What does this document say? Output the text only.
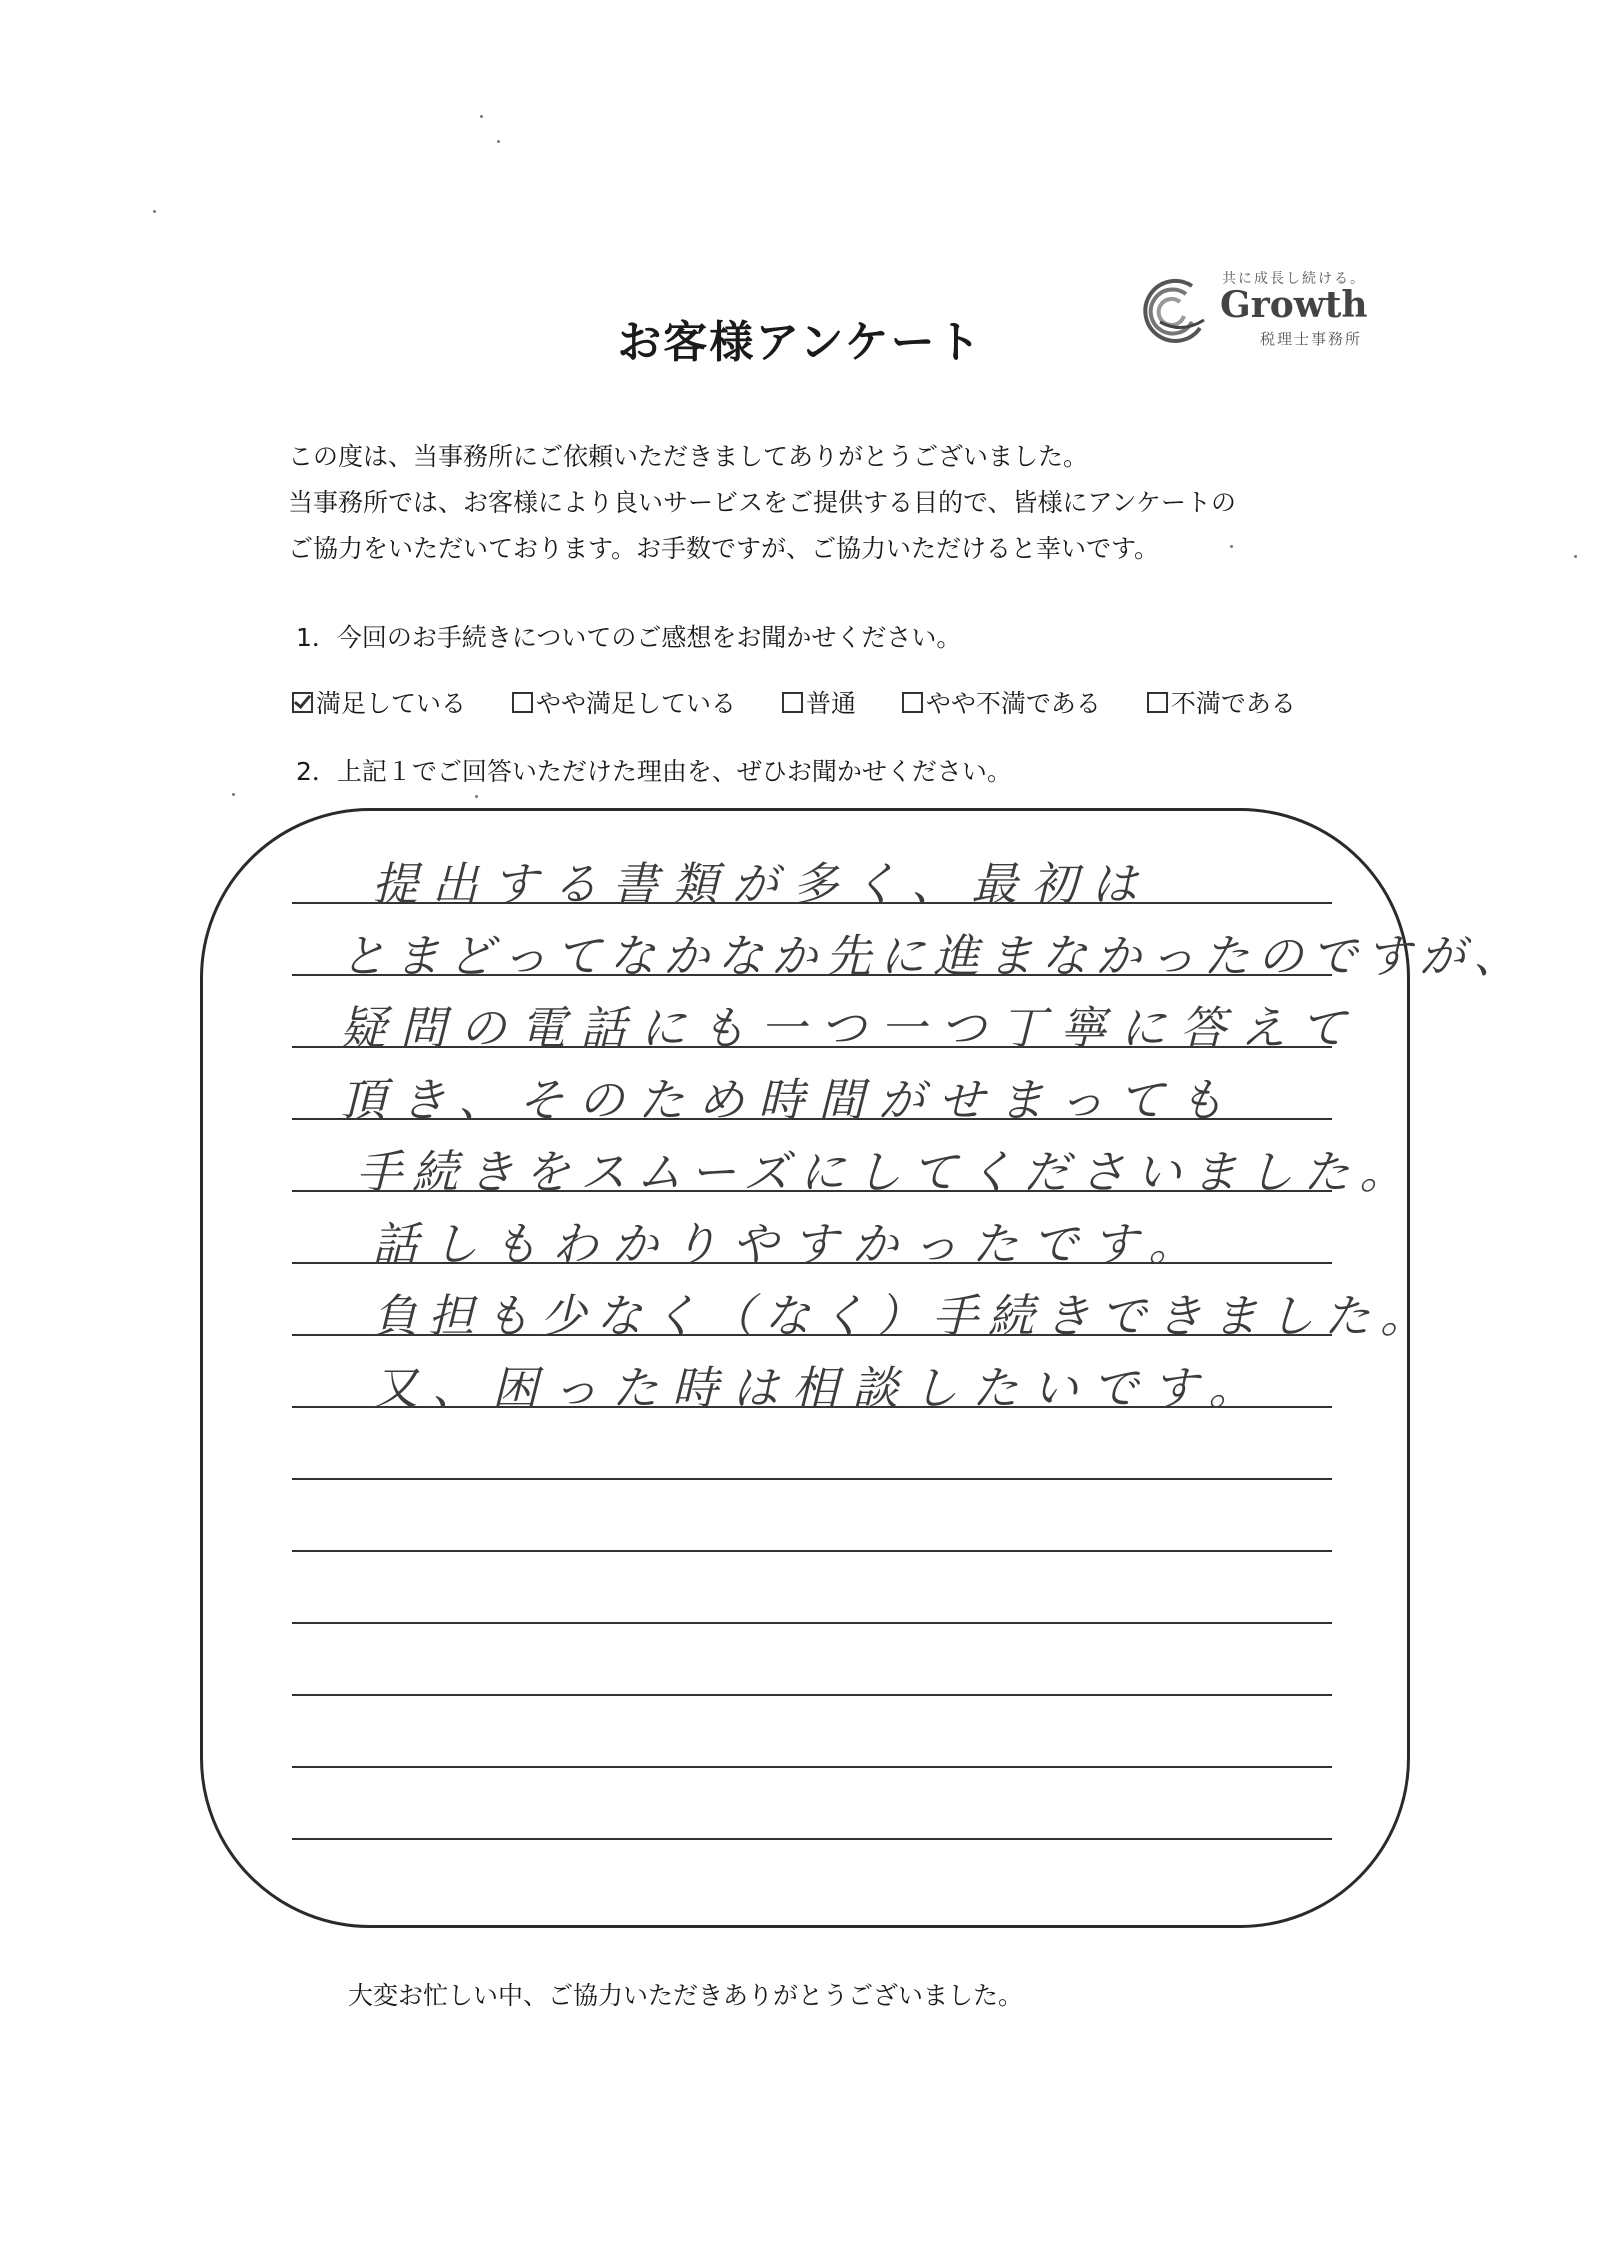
共に成長し続ける。
Growth
税理士事務所
お客様アンケート
この度は、当事務所にご依頼いただきましてありがとうございました。
当事務所では、お客様により良いサービスをご提供する目的で、皆様にアンケートの
ご協力をいただいております。お手数ですが、ご協力いただけると幸いです。
1．今回のお手続きについてのご感想をお聞かせください。
満足している	やや満足している	普通	やや不満である	不満である
2．上記１でご回答いただけた理由を、ぜひお聞かせください。
提出する書類が多く、最初は
とまどってなかなか先に進まなかったのですが、
疑問の電話にも一つ一つ丁寧に答えて
頂き、そのため時間がせまっても
手続きをスムーズにしてくださいました。
話しもわかりやすかったです。
負担も少なく（なく）手続きできました。
又、困った時は相談したいです。
大変お忙しい中、ご協力いただきありがとうございました。
